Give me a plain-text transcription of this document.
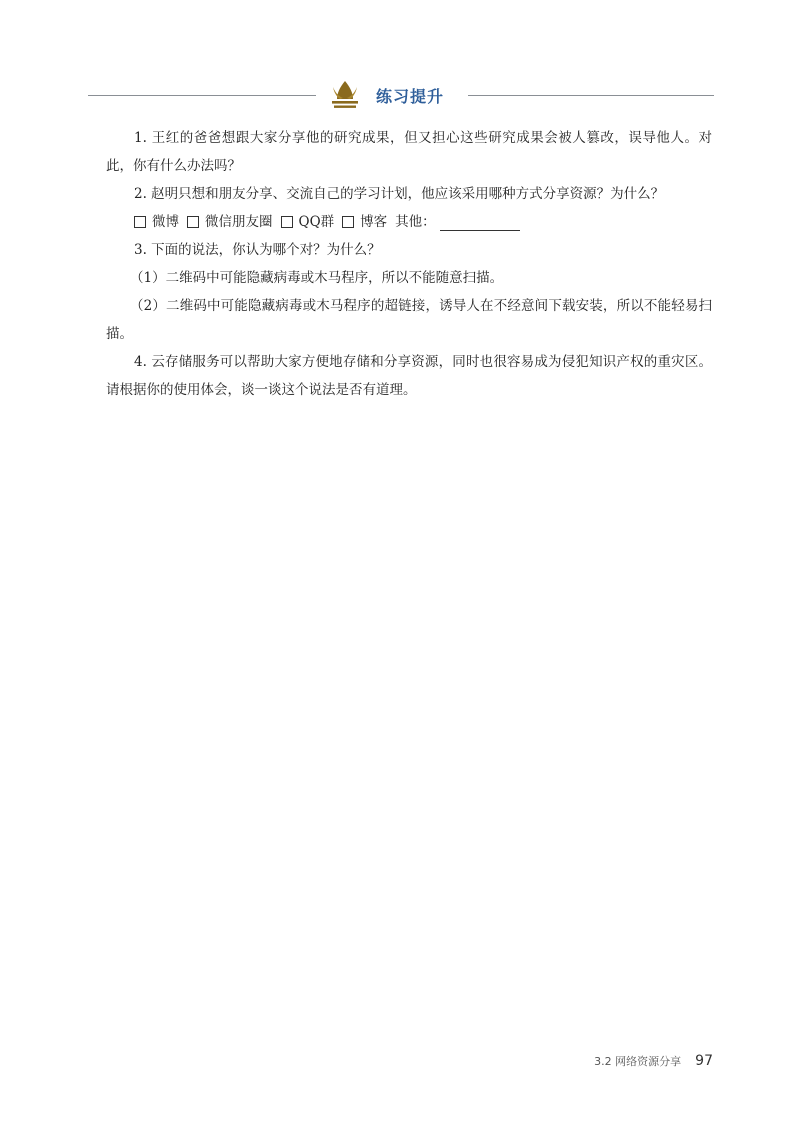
练习提升

1. 王红的爸爸想跟大家分享他的研究成果，但又担心这些研究成果会被人篡改，误导他人。对此，你有什么办法吗？

2. 赵明只想和朋友分享、交流自己的学习计划，他应该采用哪种方式分享资源？为什么？

微博 微信朋友圈 QQ群 博客 其他：

3. 下面的说法，你认为哪个对？为什么？

（1）二维码中可能隐藏病毒或木马程序，所以不能随意扫描。

（2）二维码中可能隐藏病毒或木马程序的超链接，诱导人在不经意间下载安装，所以不能轻易扫描。

4. 云存储服务可以帮助大家方便地存储和分享资源，同时也很容易成为侵犯知识产权的重灾区。请根据你的使用体会，谈一谈这个说法是否有道理。

3.2 网络资源分享 97
